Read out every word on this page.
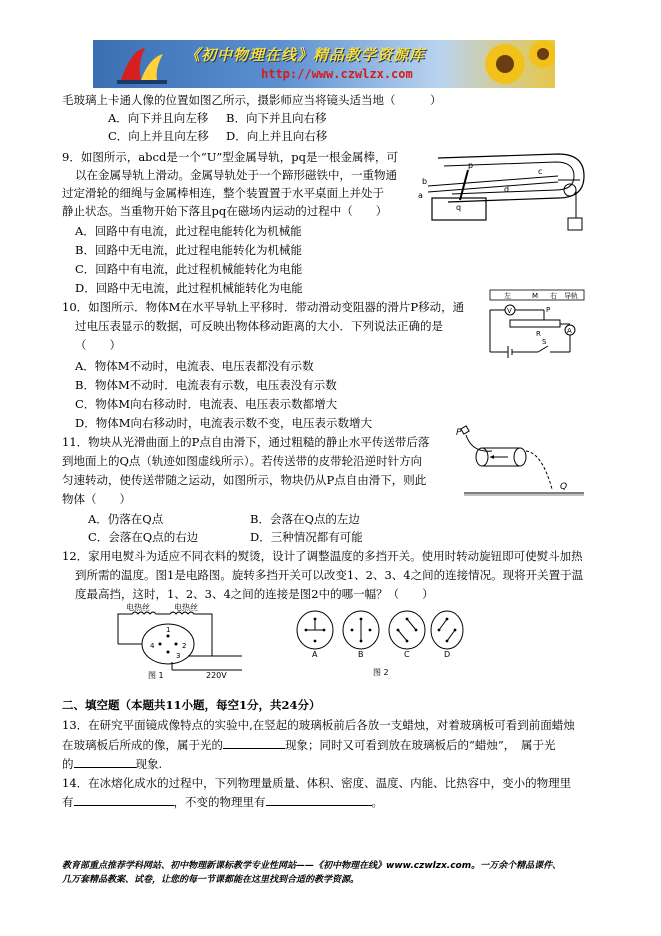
《初中物理在线》精品教学资源库
http://www.czwlzx.com
毛玻璃上卡通人像的位置如图乙所示，摄影师应当将镜头适当地（　　　）
A．向下并且向左移 B．向下并且向右移
C．向上并且向左移 D．向上并且向右移
9．如图所示，abcd是一个“U”型金属导轨，pq是一根金属棒，可
以在金属导轨上滑动。金属导轨处于一个蹄形磁铁中，一重物通
过定滑轮的细绳与金属棒相连，整个装置置于水平桌面上并处于
静止状态。当重物开始下落且pq在磁场内运动的过程中（　　）
A．回路中有电流，此过程电能转化为机械能
B．回路中无电流，此过程电能转化为机械能
C．回路中有电流，此过程机械能转化为电能
D．回路中无电流，此过程机械能转化为电能
a
b
c
d
p
q
10．如图所示．物体M在水平导轨上平移时．带动滑动变阻器的滑片P移动，通
过电压表显示的数据，可反映出物体移动距离的大小．下列说法正确的是
（　　）
A．物体M不动时，电流表、电压表都没有示数
B．物体M不动时．电流表有示数，电压表没有示数
C．物体M向右移动时．电流表、电压表示数都增大
D．物体M向右移动时，电流表示数不变，电压表示数增大
左	M 右 导轨
V	P
R	A
S
11．物块从光滑曲面上的P点自由滑下，通过粗糙的静止水平传送带后落
到地面上的Q点（轨迹如图虚线所示）。若传送带的皮带轮沿逆时针方向
匀速转动，使传送带随之运动，如图所示，物块仍从P点自由滑下，则此
物体（　　）
A．仍落在Q点	B．会落在Q点的左边
C．会落在Q点的右边	D．三种情况都有可能
P
Q
12．家用电熨斗为适应不同衣料的熨烫，设计了调整温度的多挡开关。使用时转动旋钮即可使熨斗加热
到所需的温度。图1是电路图。旋转多挡开关可以改变1、2、3、4之间的连接情况。现将开关置于温
度最高挡，这时，1、2、3、4之间的连接是图2中的哪一幅？（　　）
电热丝	电热丝
1
4	2
3
220V
图 1
A	B	C	D
图 2
二、填空题（本题共11小题，每空1分，共24分）
13．在研究平面镜成像特点的实验中,在竖起的玻璃板前后各放一支蜡烛，对着玻璃板可看到前面蜡烛
在玻璃板后所成的像，属于光的	现象；同时又可看到放在玻璃板后的“蜡烛”，　属于光
的	现象.
14．在冰熔化成水的过程中，下列物理量质量、体积、密度、温度、内能、比热容中，变小的物理里
有	，不变的物理里有	。
教育部重点推荐学科网站、初中物理新课标教学专业性网站——《初中物理在线》www.czwlzx.com。一万余个精品课件、
几万套精品教案、试卷，让您的每一节课都能在这里找到合适的教学资源。
